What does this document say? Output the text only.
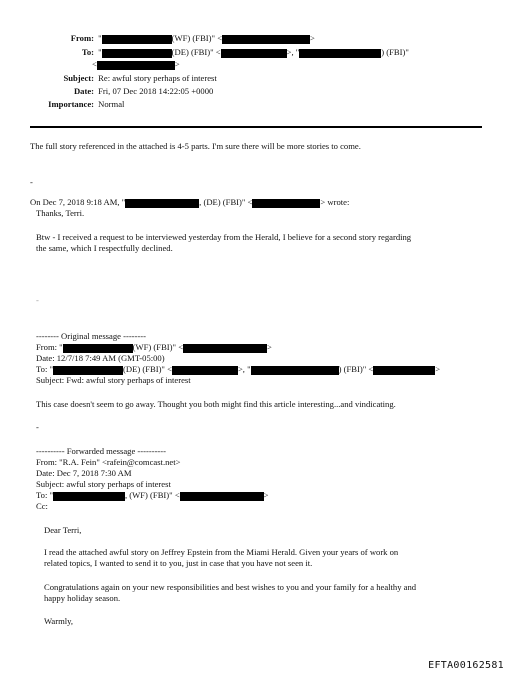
From: "	(WF) (FBI)" <	>
To: "	(DE) (FBI)" <	>, "	) (FBI)"
<	>
Subject: Re: awful story perhaps of interest
Date: Fri, 07 Dec 2018 14:22:05 +0000
Importance: Normal
The full story referenced in the attached is 4-5 parts. I'm sure there will be more stories to come.
-
On Dec 7, 2018 9:18 AM, "	, (DE) (FBI)" <	> wrote:
Thanks, Terri.
Btw - I received a request to be interviewed yesterday from the Herald, I believe for a second story regarding
the same, which I respectfully declined.
-
-------- Original message --------
From: "	(WF) (FBI)" <	>
Date: 12/7/18 7:49 AM (GMT-05:00)
To: "	(DE) (FBI)" <	>, "	) (FBI)" <	>
Subject: Fwd: awful story perhaps of interest
This case doesn't seem to go away. Thought you both might find this article interesting...and vindicating.
-
---------- Forwarded message ----------
From: "R.A. Fein" <rafein@comcast.net>
Date: Dec 7, 2018 7:30 AM
Subject: awful story perhaps of interest
To: "	, (WF) (FBI)" <	>
Cc:
Dear Terri,
I read the attached awful story on Jeffrey Epstein from the Miami Herald. Given your years of work on
related topics, I wanted to send it to you, just in case that you have not seen it.
Congratulations again on your new responsibilities and best wishes to you and your family for a healthy and
happy holiday season.
Warmly,
EFTA00162581
